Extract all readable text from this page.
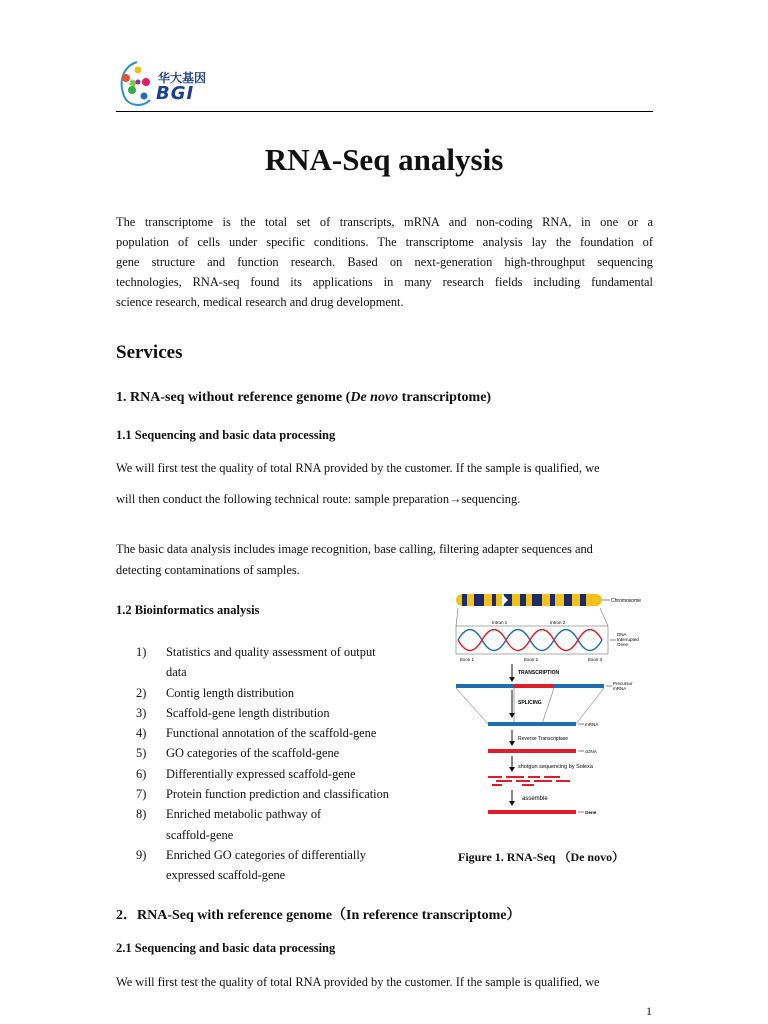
华大基因
BGI
RNA-Seq analysis
The transcriptome is the total set of transcripts, mRNA and non-coding RNA, in one or a
population of cells under specific conditions. The transcriptome analysis lay the foundation of
gene structure and function research. Based on next-generation high-throughput sequencing
technologies, RNA-seq found its applications in many research fields including fundamental
science research, medical research and drug development.
Services
1. RNA-seq without reference genome (De novo transcriptome)
1.1 Sequencing and basic data processing
We will first test the quality of total RNA provided by the customer. If the sample is qualified, we
will then conduct the following technical route: sample preparation→sequencing.
The basic data analysis includes image recognition, base calling, filtering adapter sequences and
detecting contaminations of samples.
1.2 Bioinformatics analysis
1) Statistics and quality assessment of output data
2) Contig length distribution
3) Scaffold-gene length distribution
4) Functional annotation of the scaffold-gene
5) GO categories of the scaffold-gene
6) Differentially expressed scaffold-gene
7) Protein function prediction and classification
8) Enriched metabolic pathway of scaffold-gene
9) Enriched GO categories of differentially expressed scaffold-gene
Chromosome
Intron 1	Intron 2
DNA
Interrupted
Gene
Exon 1	Exon 2	Exon 3
TRANSCRIPTION
Precursor
mRNA
SPLICING
mRNA
Reverse Transcriptase
cDNA
shotgun sequencing by Solexa
assemble
Gene
Figure 1. RNA-Seq （De novo）
2．RNA-Seq with reference genome（In reference transcriptome）
2.1 Sequencing and basic data processing
We will first test the quality of total RNA provided by the customer. If the sample is qualified, we
1
